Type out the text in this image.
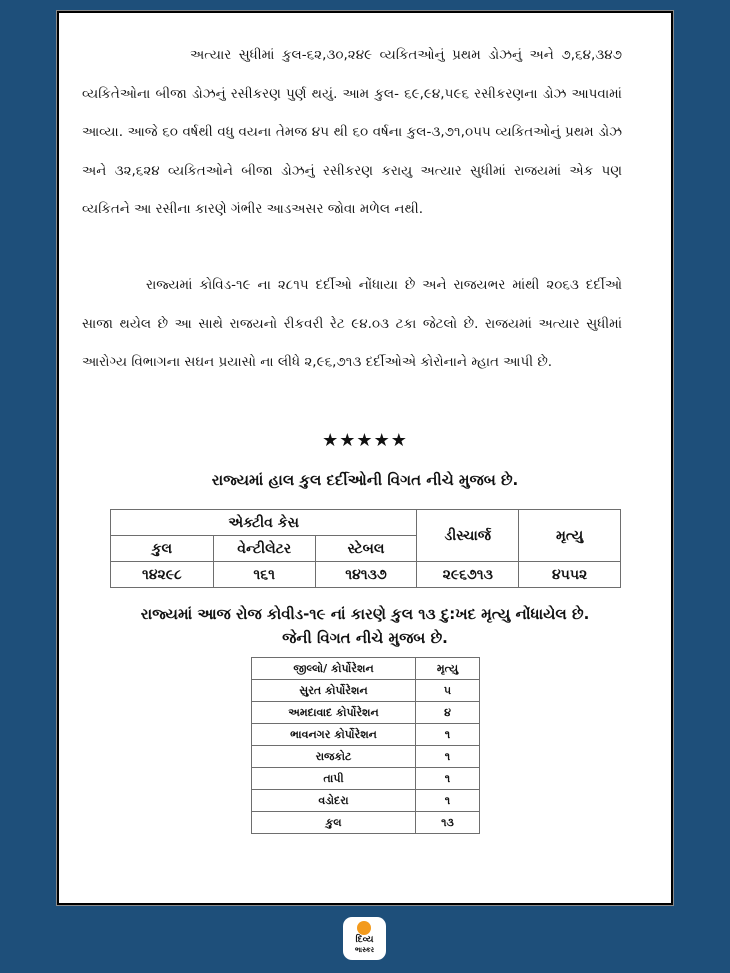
અત્યાર સુધીમાં કુલ-૬૨,૩૦,૨૪૯ વ્યકિતઓનું પ્રથમ ડોઝનું અને ૭,૬૪,૩૪૭ વ્યકિતેઓના બીજા ડોઝનું રસીકરણ પુર્ણ થયું. આમ કુલ- ૬૯,૯૪,૫૯૬ રસીકરણના ડોઝ આપવામાં આવ્યા. આજે ૬૦ વર્ષથી વધુ વયના તેમજ ૪૫ થી ૬૦ વર્ષના કુલ-૩,૭૧,૦૫૫ વ્યકિતઓનું પ્રથમ ડોઝ અને ૩૨,૬૨૪ વ્યકિતઓને બીજા ડોઝનું રસીકરણ કરાયુ અત્યાર સુધીમાં રાજયમાં એક પણ વ્યકિતને આ રસીના કારણે ગંભીર આડઅસર જોવા મળેલ નથી.

રાજ્યમાં કોવિડ-૧૯ ના ૨૮૧૫ દર્દીઓ નોંધાયા છે અને રાજયભર માંથી ૨૦૬૩ દર્દીઓ સાજા થયેલ છે આ સાથે રાજયનો રીકવરી રેટ ૯૪.૦૩ ટકા જેટલો છે. રાજયમાં અત્યાર સુધીમાં આરોગ્ય વિભાગના સઘન પ્રયાસો ના લીધે ૨,૯૬,૭૧૩ દર્દીઓએ કોરોનાને મ્હાત આપી છે.

★★★★★
રાજ્યમાં હાલ કુલ દર્દીઓની વિગત નીચે મુજબ છે.
એક્ટીવ કેસ			ડીસ્ચાર્જ	મૃત્યુ
કુલ	વેન્ટીલેટર	સ્ટેબલ		
૧૪૨૯૮	૧૬૧	૧૪૧૩૭	૨૯૬૭૧૩	૪૫૫૨
રાજ્યમાં આજ રોજ કોવીડ-૧૯ નાં કારણે કુલ ૧૩ દુ:ખદ મૃત્યુ નોંધાયેલ છે.
જેની વિગત નીચે મુજબ છે.
જીલ્લો/ કોર્પોરેશન	મૃત્યુ
સુરત કોર્પોરેશન	૫
અમદાવાદ કોર્પોરેશન	૪
ભાવનગર કોર્પોરેશન	૧
રાજકોટ	૧
તાપી	૧
વડોદરા	૧
કુલ	૧૩
દિવ્ય
ભાસ્કર
